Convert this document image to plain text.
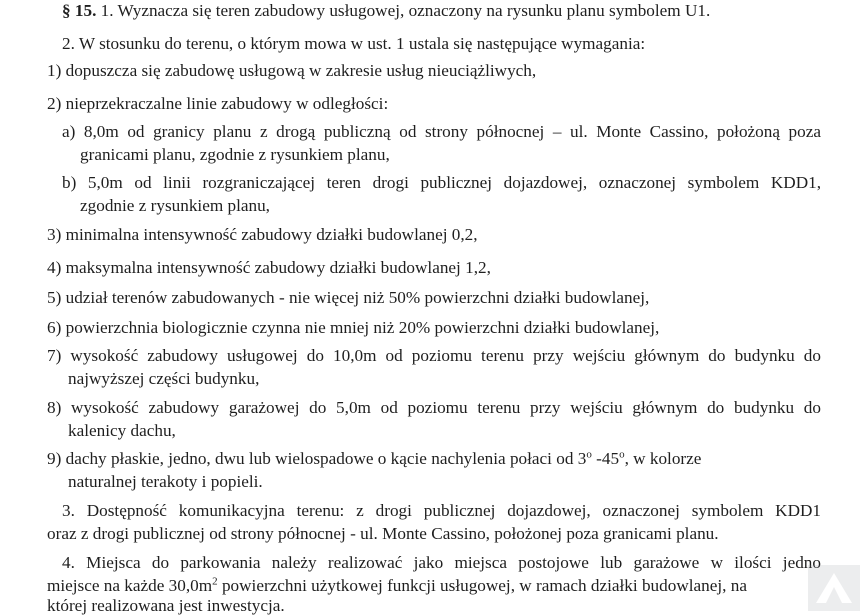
§ 15. 1. Wyznacza się teren zabudowy usługowej, oznaczony na rysunku planu symbolem U1.
2. W stosunku do terenu, o którym mowa w ust. 1 ustala się następujące wymagania:
1) dopuszcza się zabudowę usługową w zakresie usług nieuciążliwych,
2) nieprzekraczalne linie zabudowy w odległości:
a) 8,0m od granicy planu z drogą publiczną od strony północnej – ul. Monte Cassino, położoną poza
granicami planu, zgodnie z rysunkiem planu,
b) 5,0m od linii rozgraniczającej teren drogi publicznej dojazdowej, oznaczonej symbolem KDD1,
zgodnie z rysunkiem planu,
3) minimalna intensywność zabudowy działki budowlanej 0,2,
4) maksymalna intensywność zabudowy działki budowlanej 1,2,
5) udział terenów zabudowanych - nie więcej niż 50% powierzchni działki budowlanej,
6) powierzchnia biologicznie czynna nie mniej niż 20% powierzchni działki budowlanej,
7) wysokość zabudowy usługowej do 10,0m od poziomu terenu przy wejściu głównym do budynku do
najwyższej części budynku,
8) wysokość zabudowy garażowej do 5,0m od poziomu terenu przy wejściu głównym do budynku do
kalenicy dachu,
9) dachy płaskie, jedno, dwu lub wielospadowe o kącie nachylenia połaci od 3$^o$ -45$^o$, w kolorze
naturalnej terakoty i popieli.
3. Dostępność komunikacyjna terenu: z drogi publicznej dojazdowej, oznaczonej symbolem KDD1
oraz z drogi publicznej od strony północnej - ul. Monte Cassino, położonej poza granicami planu.
4. Miejsca do parkowania należy realizować jako miejsca postojowe lub garażowe w ilości jedno
miejsce na każde $30,0m^2$ powierzchni użytkowej funkcji usługowej, w ramach działki budowlanej, na
której realizowana jest inwestycja.
